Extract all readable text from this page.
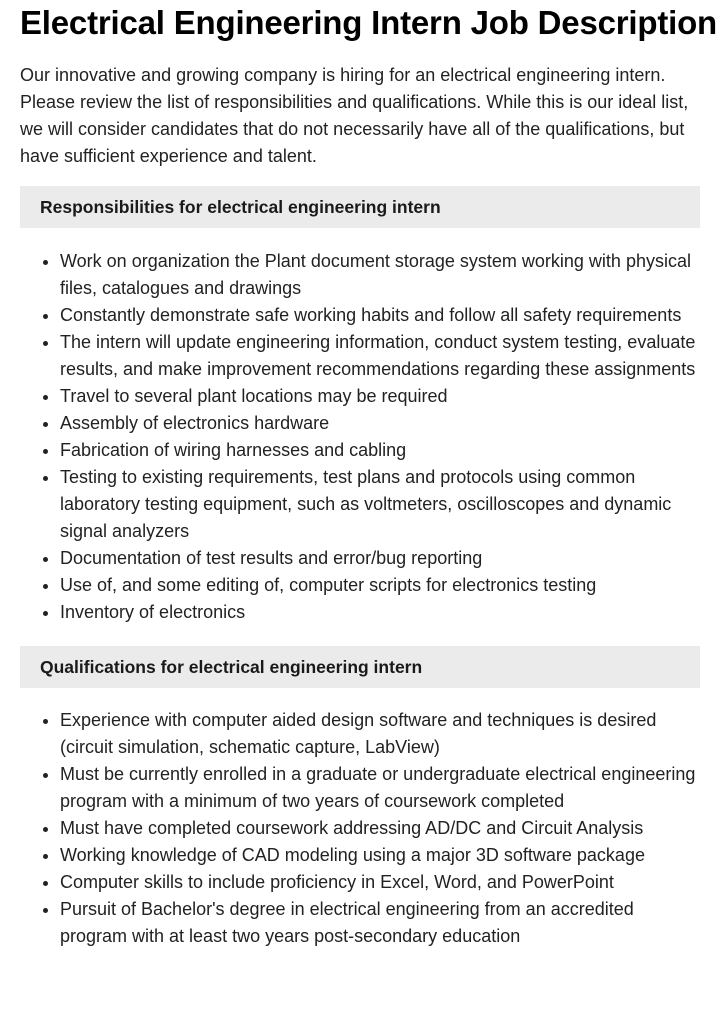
Electrical Engineering Intern Job Description

Our innovative and growing company is hiring for an electrical engineering intern. Please review the list of responsibilities and qualifications. While this is our ideal list, we will consider candidates that do not necessarily have all of the qualifications, but have sufficient experience and talent.

Responsibilities for electrical engineering intern
• Work on organization the Plant document storage system working with physical files, catalogues and drawings
• Constantly demonstrate safe working habits and follow all safety requirements
• The intern will update engineering information, conduct system testing, evaluate results, and make improvement recommendations regarding these assignments
• Travel to several plant locations may be required
• Assembly of electronics hardware
• Fabrication of wiring harnesses and cabling
• Testing to existing requirements, test plans and protocols using common laboratory testing equipment, such as voltmeters, oscilloscopes and dynamic signal analyzers
• Documentation of test results and error/bug reporting
• Use of, and some editing of, computer scripts for electronics testing
• Inventory of electronics
Qualifications for electrical engineering intern
• Experience with computer aided design software and techniques is desired (circuit simulation, schematic capture, LabView)
• Must be currently enrolled in a graduate or undergraduate electrical engineering program with a minimum of two years of coursework completed
• Must have completed coursework addressing AD/DC and Circuit Analysis
• Working knowledge of CAD modeling using a major 3D software package
• Computer skills to include proficiency in Excel, Word, and PowerPoint
• Pursuit of Bachelor's degree in electrical engineering from an accredited program with at least two years post-secondary education
